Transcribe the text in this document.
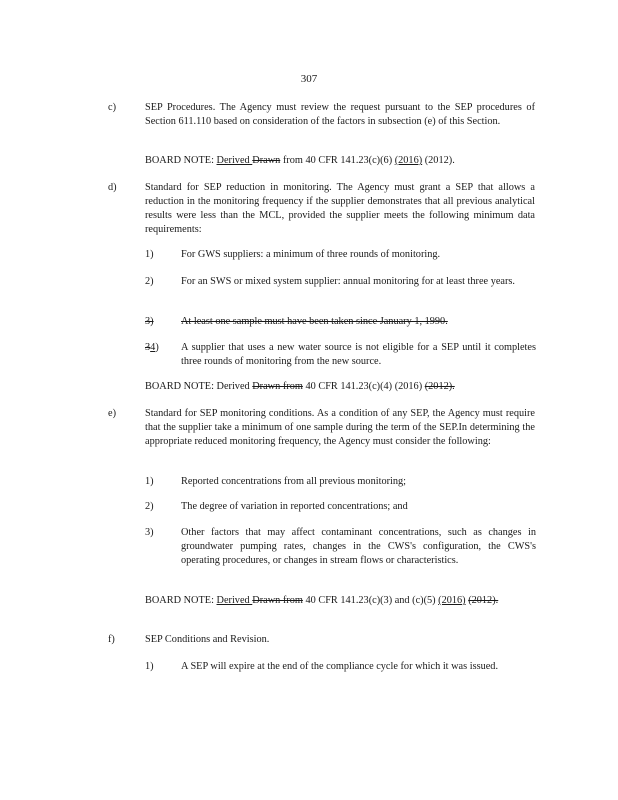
307
c)	SEP Procedures. The Agency must review the request pursuant to the SEP procedures of Section 611.110 based on consideration of the factors in subsection (e) of this Section.
BOARD NOTE: Derived Drawn from 40 CFR 141.23(c)(6) (2016) (2012).
d)	Standard for SEP reduction in monitoring. The Agency must grant a SEP that allows a reduction in the monitoring frequency if the supplier demonstrates that all previous analytical results were less than the MCL, provided the supplier meets the following minimum data requirements:
1)	For GWS suppliers: a minimum of three rounds of monitoring.
2)	For an SWS or mixed system supplier: annual monitoring for at least three years.
3)	At least one sample must have been taken since January 1, 1990.
34)	A supplier that uses a new water source is not eligible for a SEP until it completes three rounds of monitoring from the new source.
BOARD NOTE: Derived Drawn from 40 CFR 141.23(c)(4) (2016) (2012).
e)	Standard for SEP monitoring conditions. As a condition of any SEP, the Agency must require that the supplier take a minimum of one sample during the term of the SEP.In determining the appropriate reduced monitoring frequency, the Agency must consider the following:
1)	Reported concentrations from all previous monitoring;
2)	The degree of variation in reported concentrations; and
3)	Other factors that may affect contaminant concentrations, such as changes in groundwater pumping rates, changes in the CWS's configuration, the CWS's operating procedures, or changes in stream flows or characteristics.
BOARD NOTE: Derived Drawn from 40 CFR 141.23(c)(3) and (c)(5) (2016) (2012).
f)	SEP Conditions and Revision.
1)	A SEP will expire at the end of the compliance cycle for which it was issued.
